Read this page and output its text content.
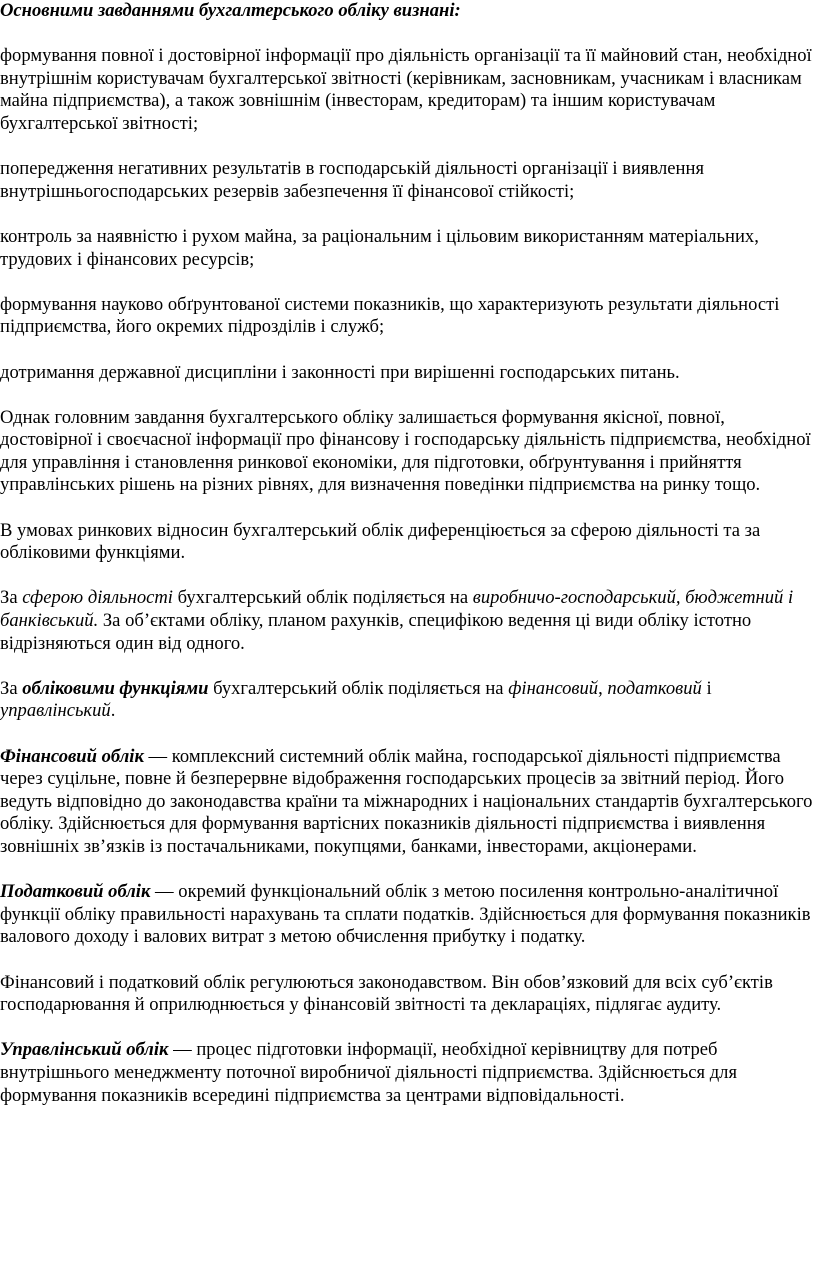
Основними завданнями бухгалтерського обліку визнані:

формування повної і достовірної інформації про діяльність організації та її майновий стан, необхідної внутрішнім користувачам бухгалтерської звітності (керівникам, засновникам, учасникам і власникам майна підприємства), а також зовнішнім (інвесторам, кредиторам) та іншим користувачам бухгалтерської звітності;

попередження негативних результатів в господарській діяльності організації і виявлення внутрішньогосподарських резервів забезпечення її фінансової стійкості;

контроль за наявністю і рухом майна, за раціональним і цільовим використанням матеріальних, трудових і фінансових ресурсів;

формування науково обґрунтованої системи показників, що характеризують результати діяльності підприємства, його окремих підрозділів і служб;

дотримання державної дисципліни і законності при вирішенні господарських питань.

Однак головним завдання бухгалтерського обліку залишається формування якісної, повної, достовірної і своєчасної інформації про фінансову і господарську діяльність підприємства, необхідної для управління і становлення ринкової економіки, для підготовки, обґрунтування і прийняття управлінських рішень на різних рівнях, для визначення поведінки підприємства на ринку тощо.

В умовах ринкових відносин бухгалтерський облік диференціюється за сферою діяльності та за обліковими функціями.

За сферою діяльності бухгалтерський облік поділяється на виробничо-господарський, бюджетний і банківський. За об’єктами обліку, планом рахунків, специфікою ведення ці види обліку істотно відрізняються один від одного.

За обліковими функціями бухгалтерський облік поділяється на фінансовий, податковий і управлінський.

Фінансовий облік — комплексний системний облік майна, господарської діяльності підприємства через суцільне, повне й безперервне відображення господарських процесів за звітний період. Його ведуть відповідно до законодавства країни та міжнародних і національних стандартів бухгалтерського обліку. Здійснюється для формування вартісних показників діяльності підприємства і виявлення зовнішніх зв’язків із постачальниками, покупцями, банками, інвесторами, акціонерами.

Податковий облік — окремий функціональний облік з метою посилення контрольно-аналітичної функції обліку правильності нарахувань та сплати податків. Здійснюється для формування показників валового доходу і валових витрат з метою обчислення прибутку і податку.

Фінансовий і податковий облік регулюються законодавством. Він обов’язковий для всіх суб’єктів господарювання й оприлюднюється у фінансовій звітності та деклараціях, підлягає аудиту.

Управлінський облік — процес підготовки інформації, необхідної керівництву для потреб внутрішнього менеджменту поточної виробничої діяльності підприємства. Здійснюється для формування показників всередині підприємства за центрами відповідальності.
